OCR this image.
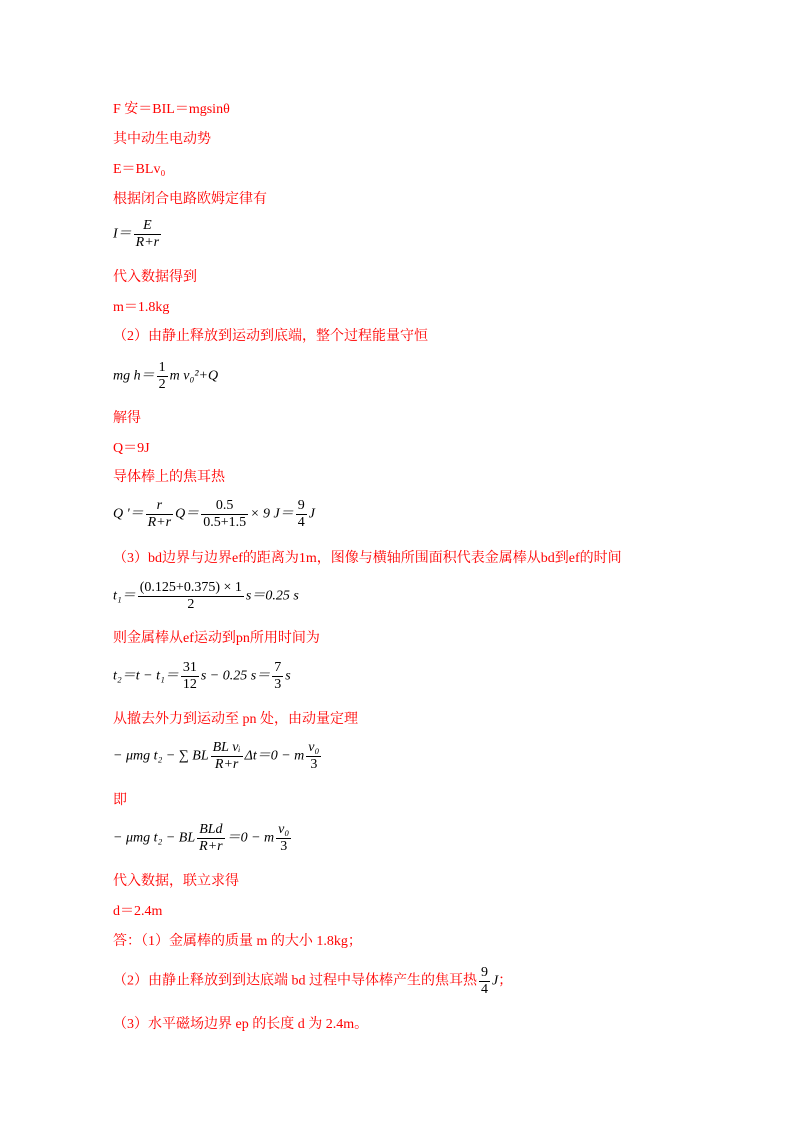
F 安＝BIL＝mgsinθ
其中动生电动势
E＝BLv₀
根据闭合电路欧姆定律有
$I= \frac{E}{R+r}$
代入数据得到
m＝1.8kg
（2）由静止释放到运动到底端，整个过程能量守恒
mg $h= \frac{1}{2}$ m v₀²+Q
解得
Q＝9J
导体棒上的焦耳热
Q '＝ $\frac{r}{R+r} Q= \frac{0.5}{0.5+1.5} \times 9$ $J= \frac{9}{4}$ J
（3）bd边界与边界ef的距离为1m，图像与横轴所围面积代表金属棒从bd到ef的时间
$t_1= \frac{(0.125+0.375) \times 1}{2} s=0.25$ s
则金属棒从ef运动到pn所用时间为
$t_2=t - t_1= \frac{31}{12}$ s − 0.25 $s= \frac{7}{3}$ s
从撤去外力到运动至 pn 处，由动量定理
− μmg t₂ − ∑ BL $\frac{\text{BL vᵢ}}{R+r} \Delta t=0 - m \frac{\text{v₀}}{3}$
即
− μmg t₂ − BL $\frac{\text{BLd}}{R+r} =0 - m \frac{\text{v₀}}{3}$
代入数据，联立求得
d＝2.4m
答：（1）金属棒的质量 m 的大小 1.8kg；
（2）由静止释放到到达底端 bd 过程中导体棒产生的焦耳热 $\frac{9}{4}$ J；
（3）水平磁场边界 ep 的长度 d 为 2.4m。
